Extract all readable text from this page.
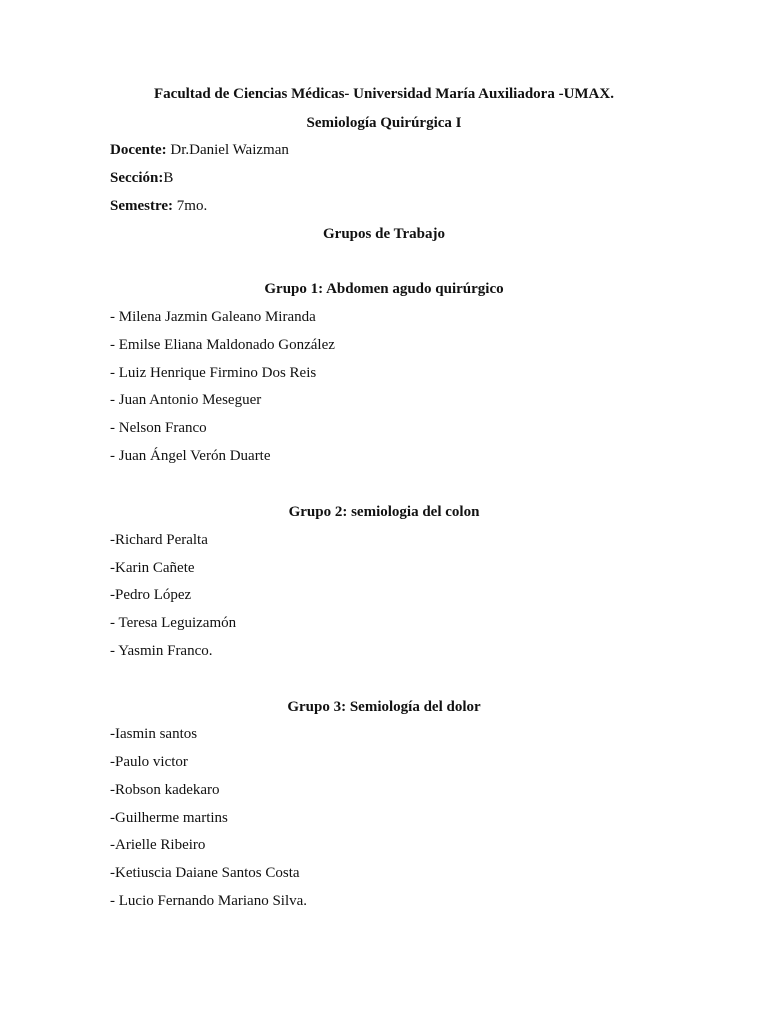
Facultad de Ciencias Médicas- Universidad María Auxiliadora -UMAX.
Semiología Quirúrgica I
Docente: Dr.Daniel Waizman
Sección:B
Semestre: 7mo.
Grupos de Trabajo
Grupo 1: Abdomen agudo quirúrgico
- Milena Jazmin Galeano Miranda
- Emilse Eliana Maldonado González
- Luiz Henrique Firmino Dos Reis
- Juan Antonio Meseguer
- Nelson Franco
- Juan Ángel Verón Duarte
Grupo 2: semiologia del colon
-Richard Peralta
-Karin Cañete
-Pedro López
- Teresa Leguizamón
- Yasmin Franco.
Grupo 3: Semiología del dolor
-Iasmin santos
-Paulo victor
-Robson kadekaro
-Guilherme martins
-Arielle Ribeiro
-Ketiuscia Daiane Santos Costa
- Lucio Fernando Mariano Silva.
